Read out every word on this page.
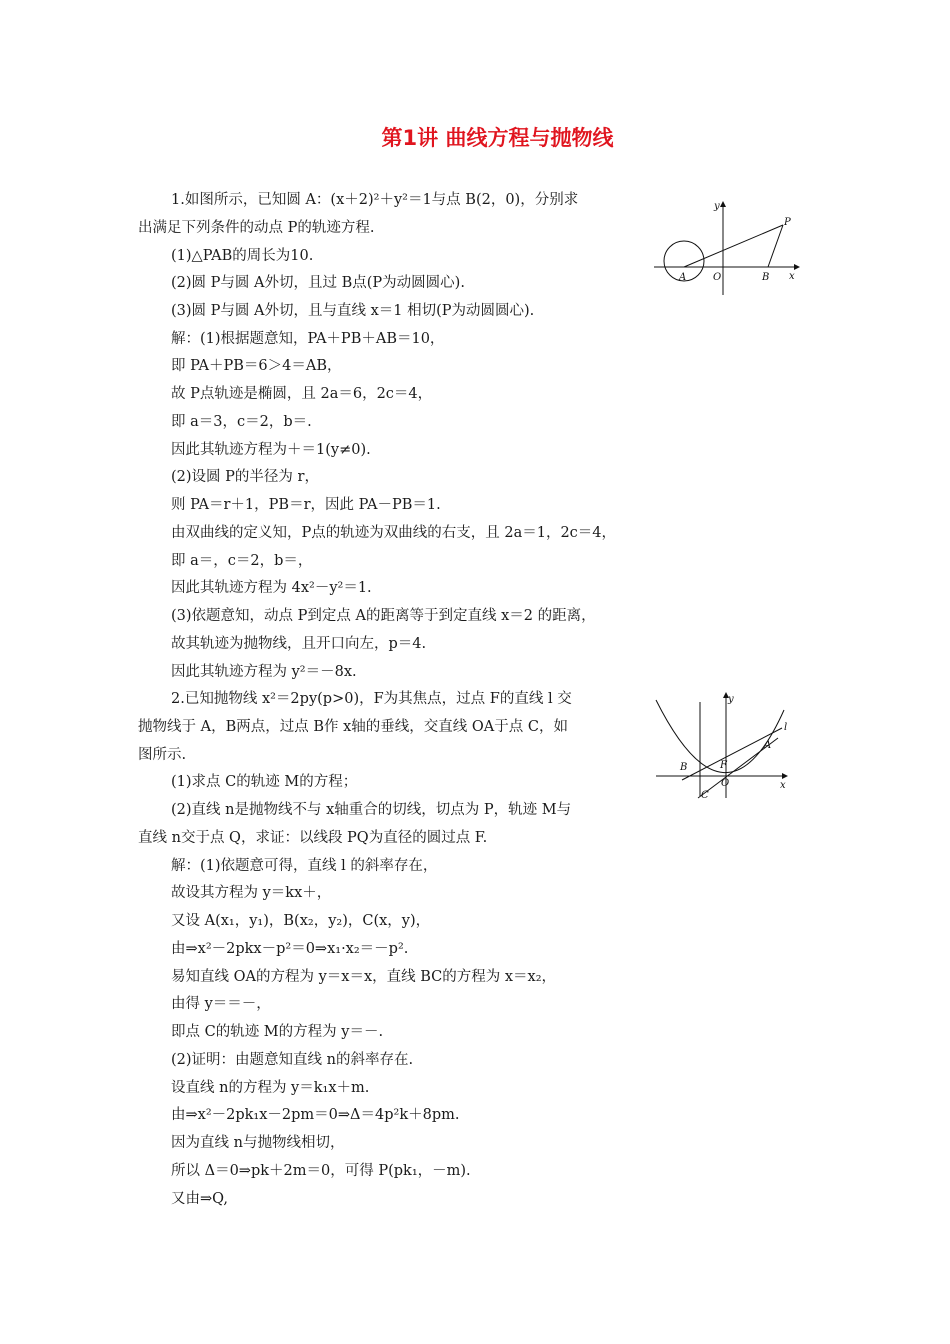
第1讲 曲线方程与抛物线
1.如图所示，已知圆 A：(x＋2)²＋y²＝1与点 B(2，0)，分别求
出满足下列条件的动点 P的轨迹方程.
(1)△PAB的周长为10.
(2)圆 P与圆 A外切，且过 B点(P为动圆圆心).
(3)圆 P与圆 A外切，且与直线 x＝1 相切(P为动圆圆心).
解：(1)根据题意知，PA＋PB＋AB＝10，
即 PA＋PB＝6＞4＝AB，
故 P点轨迹是椭圆，且 2a＝6，2c＝4，
即 a＝3，c＝2，b＝.
因此其轨迹方程为＋＝1(y≠0).
(2)设圆 P的半径为 r，
则 PA＝r＋1，PB＝r，因此 PA－PB＝1.
由双曲线的定义知，P点的轨迹为双曲线的右支，且 2a＝1，2c＝4，
即 a＝，c＝2，b＝，
因此其轨迹方程为 4x²－y²＝1.
(3)依题意知，动点 P到定点 A的距离等于到定直线 x＝2 的距离，
故其轨迹为抛物线，且开口向左，p＝4.
因此其轨迹方程为 y²＝－8x.
2.已知抛物线 x²＝2py(p>0)，F为其焦点，过点 F的直线 l 交
抛物线于 A，B两点，过点 B作 x轴的垂线，交直线 OA于点 C，如
图所示.
(1)求点 C的轨迹 M的方程；
(2)直线 n是抛物线不与 x轴重合的切线，切点为 P，轨迹 M与
直线 n交于点 Q，求证：以线段 PQ为直径的圆过点 F.
解：(1)依题意可得，直线 l 的斜率存在，
故设其方程为 y＝kx＋，
又设 A(x₁，y₁)，B(x₂，y₂)，C(x，y)，
由⇒x²－2pkx－p²＝0⇒x₁·x₂＝－p².
易知直线 OA的方程为 y＝x＝x，直线 BC的方程为 x＝x₂，
由得 y＝＝－，
即点 C的轨迹 M的方程为 y＝－.
(2)证明：由题意知直线 n的斜率存在.
设直线 n的方程为 y＝k₁x＋m.
由⇒x²－2pk₁x－2pm＝0⇒Δ＝4p²k＋8pm.
因为直线 n与抛物线相切，
所以 Δ＝0⇒pk＋2m＝0，可得 P(pk₁，－m).
又由⇒Q,
y
P
A	O	B x
y
l
A
B	F
O
C
x
